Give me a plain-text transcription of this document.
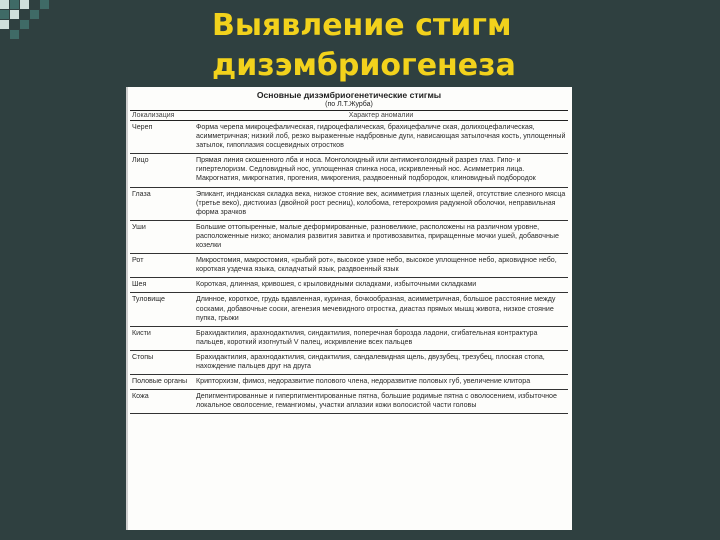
Выявление стигм
дизэмбриогенеза
Основные дизэмбриогенетические стигмы
(по Л.Т.Журба)
Локализация	Характер аномалии
Череп	Форма черепа микроцефалическая, гидроцефалическая, брахицефаличе ская, долихоцефалическая, асимметричная; низкий лоб, резко выраженные надбровные дуги, нависающая затылочная кость, уплощенный затылок, гипоплазия сосцевидных отростков
Лицо	Прямая линия скошенного лба и носа. Монголоидный или антимонголоидный разрез глаз. Гипо- и гипертелоризм. Седловидный нос, уплощенная спинка носа, искривленный нос. Асимметрия лица. Макрогнатия, микрогнатия, прогения, микрогения, раздвоенный подбородок, клиновидный подбородок
Глаза	Эпикант, индианская складка века, низкое стояние век, асимметрия глазных щелей, отсутствие слезного мясца (третье веко), дистихиаз (двойной рост ресниц), колобома, гетерохромия радужной оболочки, неправильная форма зрачков
Уши	Большие оттопыренные, малые деформированные, разновеликие, расположены на различном уровне, расположенные низко; аномалия развития завитка и противозавитка, приращенные мочки ушей, добавочные козелки
Рот	Микростомия, макростомия, «рыбий рот», высокое узкое небо, высокое уплощенное небо, арковидное небо, короткая уздечка языка, складчатый язык, раздвоенный язык
Шея	Короткая, длинная, кривошея, с крыловидными складками, избыточными складками
Туловище	Длинное, короткое, грудь вдавленная, куриная, бочкообразная, асимметричная, большое расстояние между сосками, добавочные соски, агенезия мечевидного отростка, диастаз прямых мышц живота, низкое стояние пупка, грыжи
Кисти	Брахидактилия, арахнодактилия, синдактилия, поперечная борозда ладони, сгибательная контрактура пальцев, короткий изогнутый V палец, искривление всех пальцев
Стопы	Брахидактилия, арахнодактилия, синдактилия, сандалевидная щель, двузубец, трезубец, плоская стопа, нахождение пальцев друг на друга
Половые органы	Крипторхизм, фимоз, недоразвитие полового члена, недоразвитие половых губ, увеличение клитора
Кожа	Депигментированные и гиперпигментированные пятна, большие родимые пятна с оволосением, избыточное локальное оволосение, гемангиомы, участки аплазии кожи волосистой части головы
